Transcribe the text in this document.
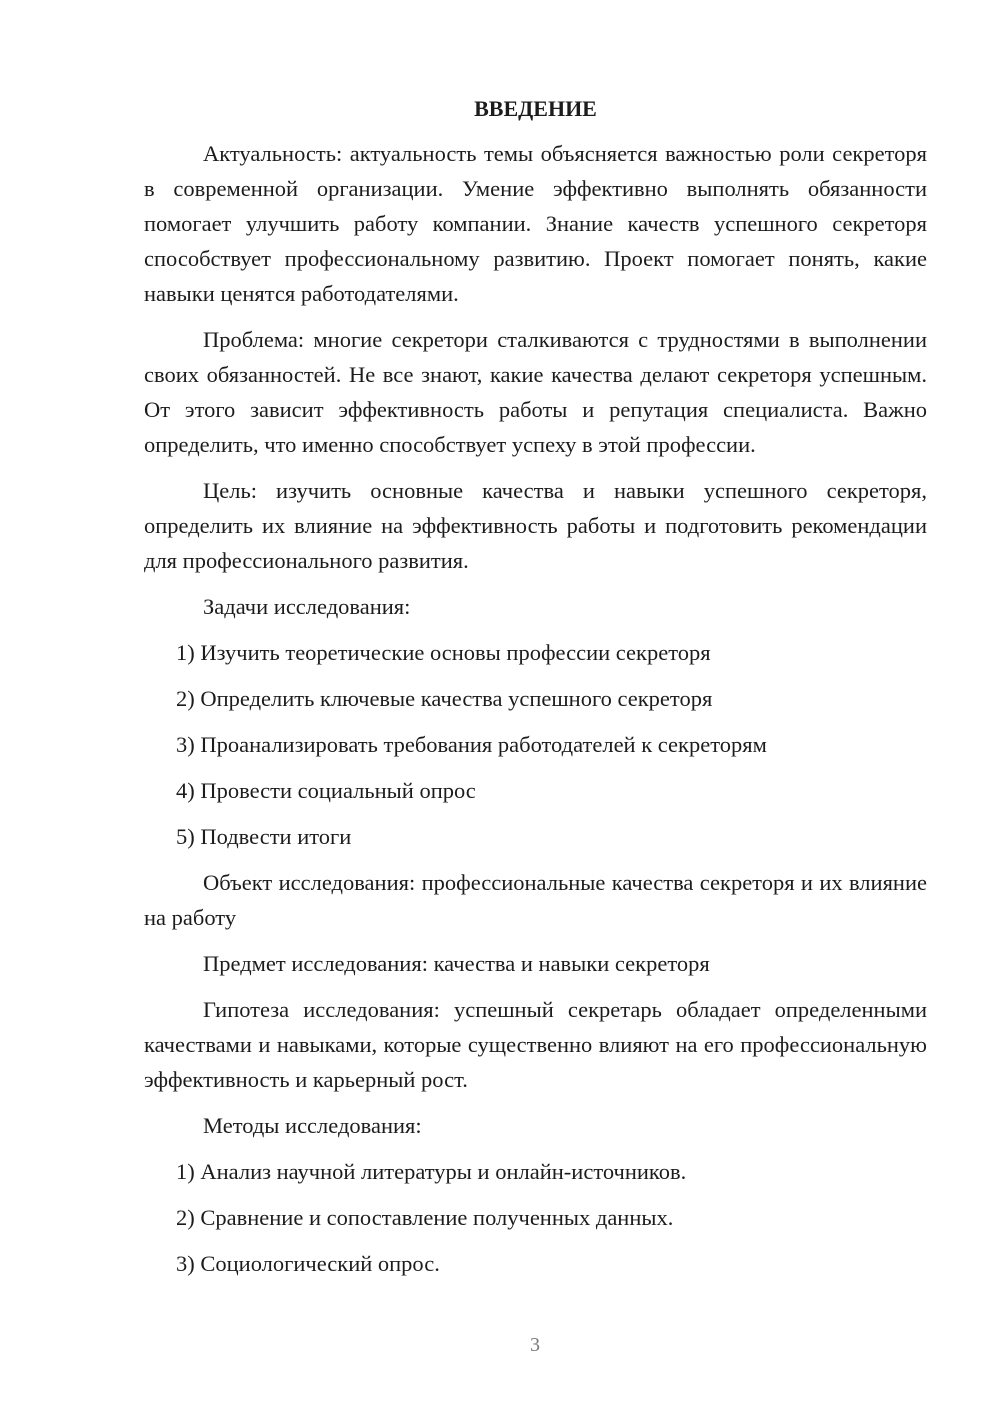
ВВЕДЕНИЕ

Актуальность: актуальность темы объясняется важностью роли секреторя в современной организации. Умение эффективно выполнять обязанности помогает улучшить работу компании. Знание качеств успешного секреторя способствует профессиональному развитию. Проект помогает понять, какие навыки ценятся работодателями.

Проблема: многие секретори сталкиваются с трудностями в выполнении своих обязанностей. Не все знают, какие качества делают секреторя успешным. От этого зависит эффективность работы и репутация специалиста. Важно определить, что именно способствует успеху в этой профессии.

Цель: изучить основные качества и навыки успешного секреторя, определить их влияние на эффективность работы и подготовить рекомендации для профессионального развития.

Задачи исследования:
1) Изучить теоретические основы профессии секреторя
2) Определить ключевые качества успешного секреторя
3) Проанализировать требования работодателей к секреторям
4) Провести социальный опрос
5) Подвести итоги

Объект исследования: профессиональные качества секреторя и их влияние на работу

Предмет исследования: качества и навыки секреторя

Гипотеза исследования: успешный секретарь обладает определенными качествами и навыками, которые существенно влияют на его профессиональную эффективность и карьерный рост.

Методы исследования:
1) Анализ научной литературы и онлайн-источников.
2) Сравнение и сопоставление полученных данных.
3) Социологический опрос.
3
